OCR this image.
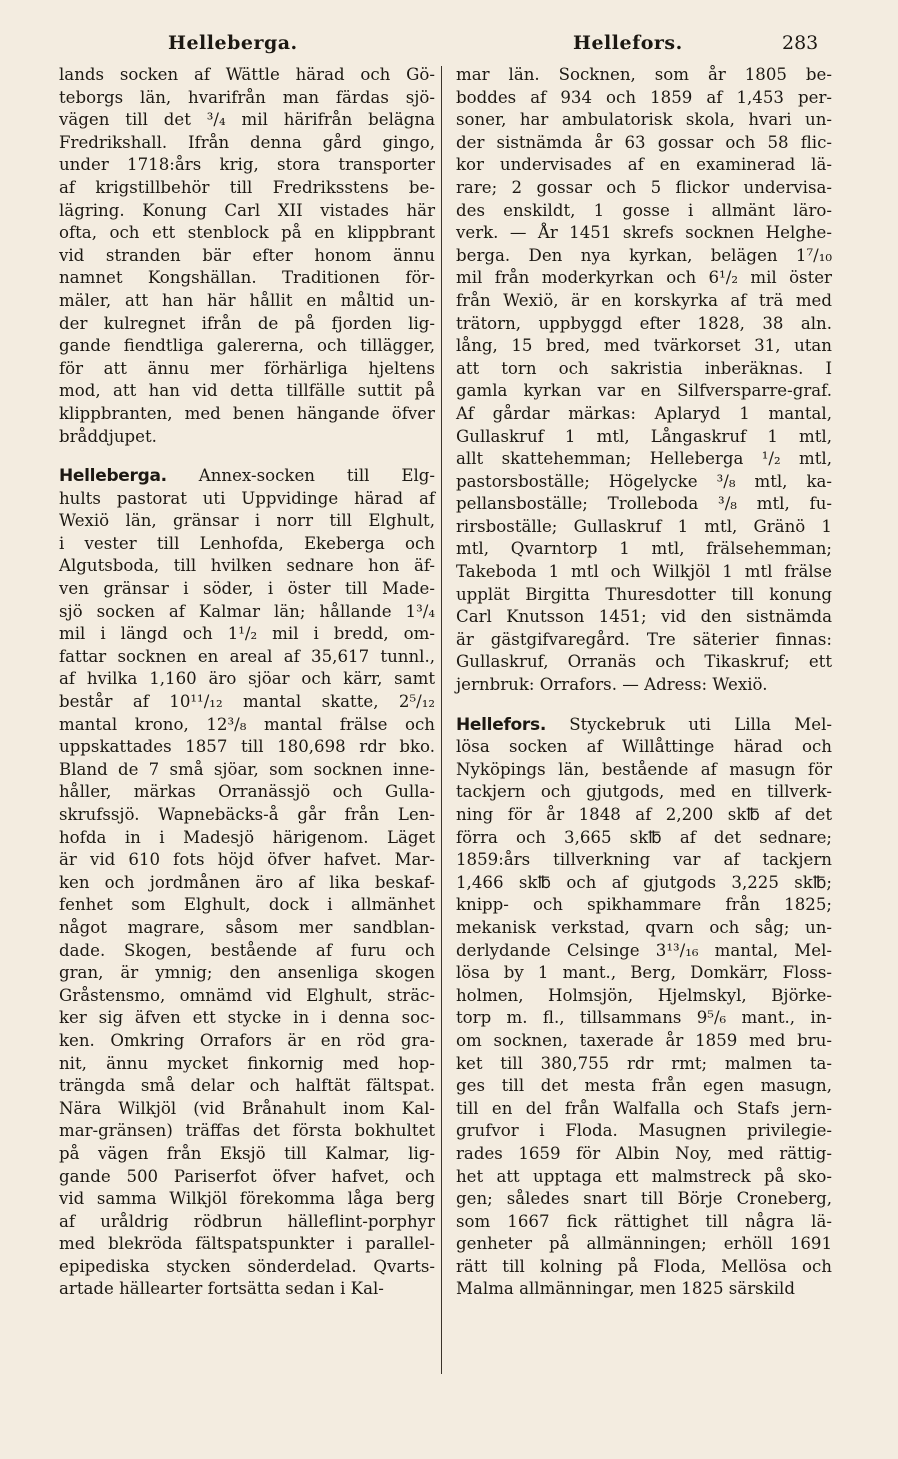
Helleberga.	Hellefors.	283

lands socken af Wättle härad och Gö-
teborgs län, hvarifrån man färdas sjö-
vägen till det ³/₄ mil härifrån belägna
Fredrikshall. Ifrån denna gård gingo,
under 1718:års krig, stora transporter
af krigstillbehör till Fredriksstens be-
lägring. Konung Carl XII vistades här
ofta, och ett stenblock på en klippbrant
vid stranden bär efter honom ännu
namnet Kongshällan. Traditionen för-
mäler, att han här hållit en måltid un-
der kulregnet ifrån de på fjorden lig-
gande fiendtliga galererna, och tillägger,
för att ännu mer förhärliga hjeltens
mod, att han vid detta tillfälle suttit på
klippbranten, med benen hängande öfver
bråddjupet.

Helleberga. Annex-socken till Elg-
hults pastorat uti Uppvidinge härad af
Wexiö län, gränsar i norr till Elghult,
i vester till Lenhofda, Ekeberga och
Algutsboda, till hvilken sednare hon äf-
ven gränsar i söder, i öster till Made-
sjö socken af Kalmar län; hållande 1³/₄
mil i längd och 1¹/₂ mil i bredd, om-
fattar socknen en areal af 35,617 tunnl.,
af hvilka 1,160 äro sjöar och kärr, samt
består af 10¹¹/₁₂ mantal skatte, 2⁵/₁₂
mantal krono, 12³/₈ mantal frälse och
uppskattades 1857 till 180,698 rdr bko.
Bland de 7 små sjöar, som socknen inne-
håller, märkas Orranässjö och Gulla-
skrufssjö. Wapnebäcks-å går från Len-
hofda in i Madesjö härigenom. Läget
är vid 610 fots höjd öfver hafvet. Mar-
ken och jordmånen äro af lika beskaf-
fenhet som Elghult, dock i allmänhet
något magrare, såsom mer sandblan-
dade. Skogen, bestående af furu och
gran, är ymnig; den ansenliga skogen
Gråstensmo, omnämd vid Elghult, sträc-
ker sig äfven ett stycke in i denna soc-
ken. Omkring Orrafors är en röd gra-
nit, ännu mycket finkornig med hop-
trängda små delar och halftät fältspat.
Nära Wilkjöl (vid Brånahult inom Kal-
mar-gränsen) träffas det första bokhultet
på vägen från Eksjö till Kalmar, lig-
gande 500 Pariserfot öfver hafvet, och
vid samma Wilkjöl förekomma låga berg
af uråldrig rödbrun hälleflint-porphyr
med blekröda fältspatspunkter i parallel-
epipediska stycken sönderdelad. Qvarts-
artade hällearter fortsätta sedan i Kal-

mar län. Socknen, som år 1805 be-
boddes af 934 och 1859 af 1,453 per-
soner, har ambulatorisk skola, hvari un-
der sistnämda år 63 gossar och 58 flic-
kor undervisades af en examinerad lä-
rare; 2 gossar och 5 flickor undervisa-
des enskildt, 1 gosse i allmänt läro-
verk. — År 1451 skrefs socknen Helghe-
berga. Den nya kyrkan, belägen 1⁷/₁₀
mil från moderkyrkan och 6¹/₂ mil öster
från Wexiö, är en korskyrka af trä med
trätorn, uppbyggd efter 1828, 38 aln.
lång, 15 bred, med tvärkorset 31, utan
att torn och sakristia inberäknas. I
gamla kyrkan var en Silfversparre-graf.
Af gårdar märkas: Aplaryd 1 mantal,
Gullaskruf 1 mtl, Långaskruf 1 mtl,
allt skattehemman; Helleberga ¹/₂ mtl,
pastorsboställe; Högelycke ³/₈ mtl, ka-
pellansboställe; Trolleboda ³/₈ mtl, fu-
rirsboställe; Gullaskruf 1 mtl, Gränö 1
mtl, Qvarntorp 1 mtl, frälsehemman;
Takeboda 1 mtl och Wilkjöl 1 mtl frälse
upplät Birgitta Thuresdotter till konung
Carl Knutsson 1451; vid den sistnämda
är gästgifvaregård. Tre säterier finnas:
Gullaskruf, Orranäs och Tikaskruf; ett
jernbruk: Orrafors. — Adress: Wexiö.

Hellefors. Styckebruk uti Lilla Mel-
lösa socken af Willåttinge härad och
Nyköpings län, bestående af masugn för
tackjern och gjutgods, med en tillverk-
ning för år 1848 af 2,200 sk℔ af det
förra och 3,665 sk℔ af det sednare;
1859:års tillverkning var af tackjern
1,466 sk℔ och af gjutgods 3,225 sk℔;
knipp- och spikhammare från 1825;
mekanisk verkstad, qvarn och såg; un-
derlydande Celsinge 3¹³/₁₆ mantal, Mel-
lösa by 1 mant., Berg, Domkärr, Floss-
holmen, Holmsjön, Hjelmskyl, Björke-
torp m. fl., tillsammans 9⁵/₆ mant., in-
om socknen, taxerade år 1859 med bru-
ket till 380,755 rdr rmt; malmen ta-
ges till det mesta från egen masugn,
till en del från Walfalla och Stafs jern-
grufvor i Floda. Masugnen privilegie-
rades 1659 för Albin Noy, med rättig-
het att upptaga ett malmstreck på sko-
gen; således snart till Börje Croneberg,
som 1667 fick rättighet till några lä-
genheter på allmänningen; erhöll 1691
rätt till kolning på Floda, Mellösa och
Malma allmänningar, men 1825 särskild
